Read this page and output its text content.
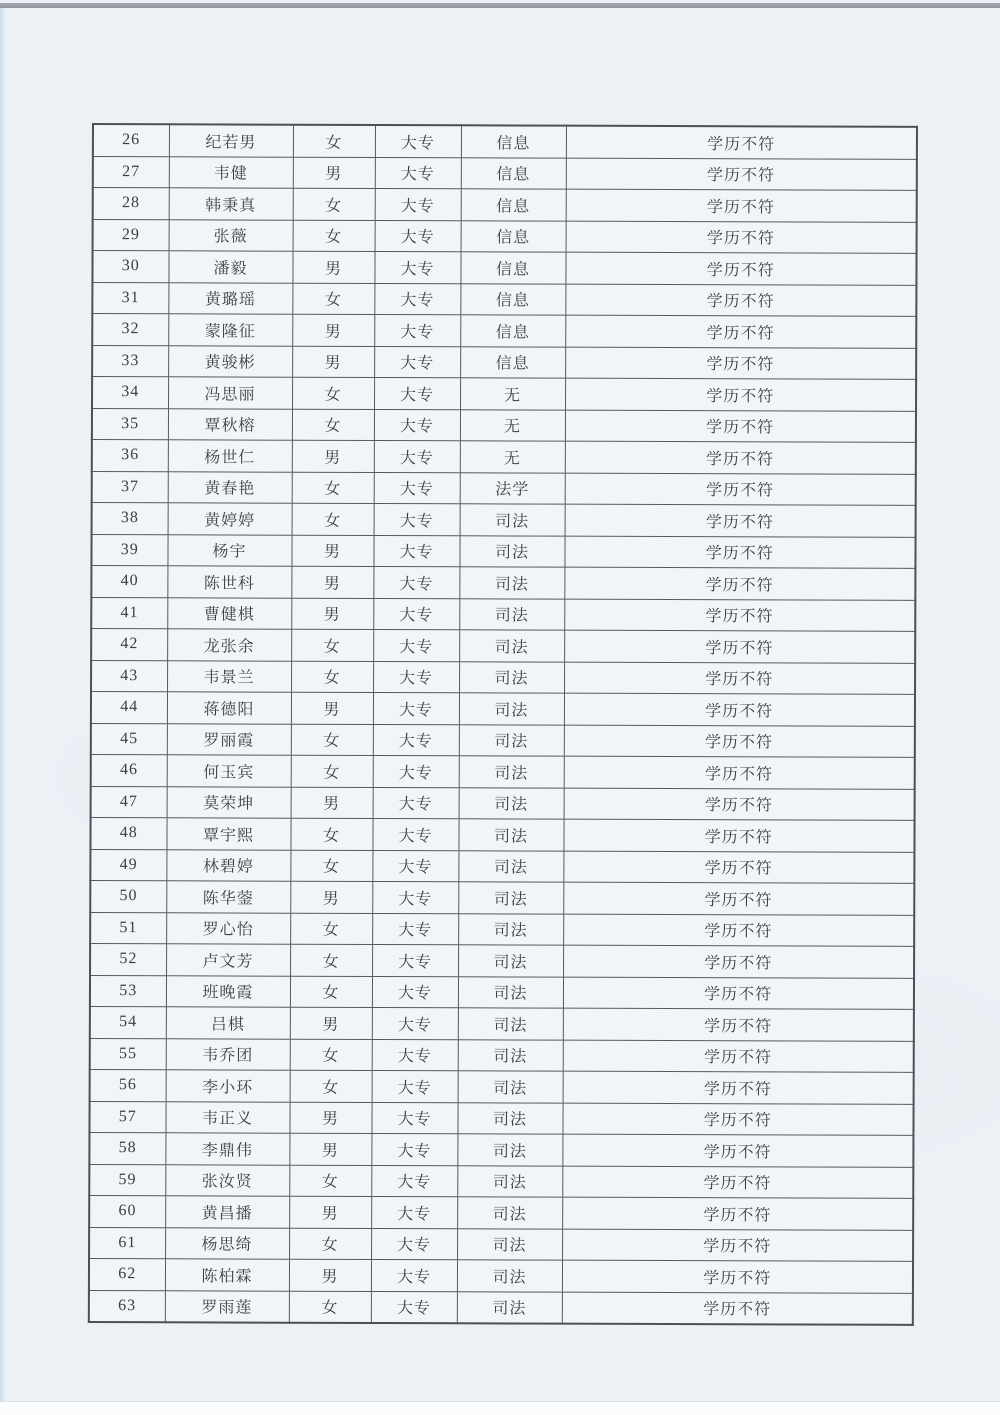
26	纪若男	女	大专	信息	学历不符
27	韦健	男	大专	信息	学历不符
28	韩秉真	女	大专	信息	学历不符
29	张薇	女	大专	信息	学历不符
30	潘毅	男	大专	信息	学历不符
31	黄璐瑶	女	大专	信息	学历不符
32	蒙隆征	男	大专	信息	学历不符
33	黄骏彬	男	大专	信息	学历不符
34	冯思丽	女	大专	无	学历不符
35	覃秋榕	女	大专	无	学历不符
36	杨世仁	男	大专	无	学历不符
37	黄春艳	女	大专	法学	学历不符
38	黄婷婷	女	大专	司法	学历不符
39	杨宇	男	大专	司法	学历不符
40	陈世科	男	大专	司法	学历不符
41	曹健棋	男	大专	司法	学历不符
42	龙张余	女	大专	司法	学历不符
43	韦景兰	女	大专	司法	学历不符
44	蒋德阳	男	大专	司法	学历不符
45	罗丽霞	女	大专	司法	学历不符
46	何玉宾	女	大专	司法	学历不符
47	莫荣坤	男	大专	司法	学历不符
48	覃宇熙	女	大专	司法	学历不符
49	林碧婷	女	大专	司法	学历不符
50	陈华蓥	男	大专	司法	学历不符
51	罗心怡	女	大专	司法	学历不符
52	卢文芳	女	大专	司法	学历不符
53	班晚霞	女	大专	司法	学历不符
54	吕棋	男	大专	司法	学历不符
55	韦乔团	女	大专	司法	学历不符
56	李小环	女	大专	司法	学历不符
57	韦正义	男	大专	司法	学历不符
58	李鼎伟	男	大专	司法	学历不符
59	张汝贤	女	大专	司法	学历不符
60	黄昌播	男	大专	司法	学历不符
61	杨思绮	女	大专	司法	学历不符
62	陈柏霖	男	大专	司法	学历不符
63	罗雨莲	女	大专	司法	学历不符
